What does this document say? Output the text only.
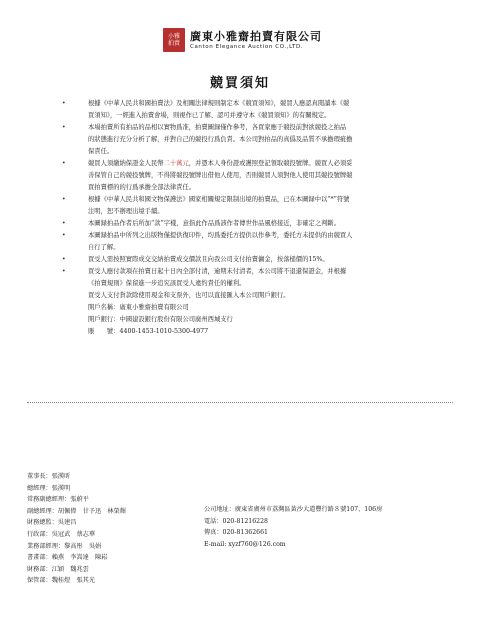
小雅
拍賣
廣東小雅齋拍賣有限公司
Canton Elegance Auction CO.,LTD.
競買須知
•	根據《中華人民共和國拍賣法》及相關法律規則制定本《競買須知》，競買人應認真閱讀本《競
買須知》，一經進入拍賣會場，則視作已了解、認可并遵守本《競買須知》的有關規定。
•	本場拍賣所有拍品的品相以實物爲准，拍賣圖録僅作參考，各買家應于競投前對欲競投之拍品
的狀態進行充分分析了解，并對自己的競投行爲負責。本公司對拍品的真僞及品質不承擔瑕疵擔
保責任。
•	競買人須繳納保證金人民幣二十萬元，并憑本人身份證或護照登記領取競投號牌。競買人必須妥
善保管自己的競投號牌，不得將競投號牌出借他人使用，否則競買人須對他人使用其競投號牌競
買拍賣標的的行爲承擔全部法律責任。
•	根據《中華人民共和國文物保護法》國家相關規定限制出境的拍賣品，已在本圖録中以“*”符號
注明，恕不辦理出境手續。
•	本圖録拍品作者后所加“款”字樣，意指此作品爲該作者傳世作品風格接近，非確定之判斷。
•	本圖録拍品中所列之出版物僅提供復印件，均爲委托方提供以作參考，委托方未提供的由競買人
自行了解。
•	買受人需按照實際成交交納拍賣成交價款且向我公司支付拍賣傭金，按落槌價的15%。
•	買受人應付款項在拍賣日起十日內全部付清，逾期未付清者，本公司將不退還保證金，并根據
《拍賣規則》保留進一步追究該買受人違約責任的權利。
買受人支付貨款除使用現金和支票外，也可以直接匯入本公司開戶銀行。
開戶名稱：廣東小雅齋拍賣有限公司
開戶銀行：中國建設銀行股份有限公司廣州西城支行
賬　　號：4400-1453-1010-5300-4977
董事長：張漢昕
總經理：張漢明
常務副總經理：張蔚平
副總經理：胡佩偉　甘予迅　林榮輝
財務總監：吳建昌
行政部：吳冠武　蔡志華
業務部經理：黎高彤　吳娟
書畫部：賴燕　李嵩達　陳崧
財務部：江穎　魏兆雲
保管部：魏桂煜　張其光
公司地址：廣東省廣州市荔灣區黃沙大道豐行路８號107、106房
電話：020-81216228
傳真：020-81362661
E-mail: xyzf760@126.com
